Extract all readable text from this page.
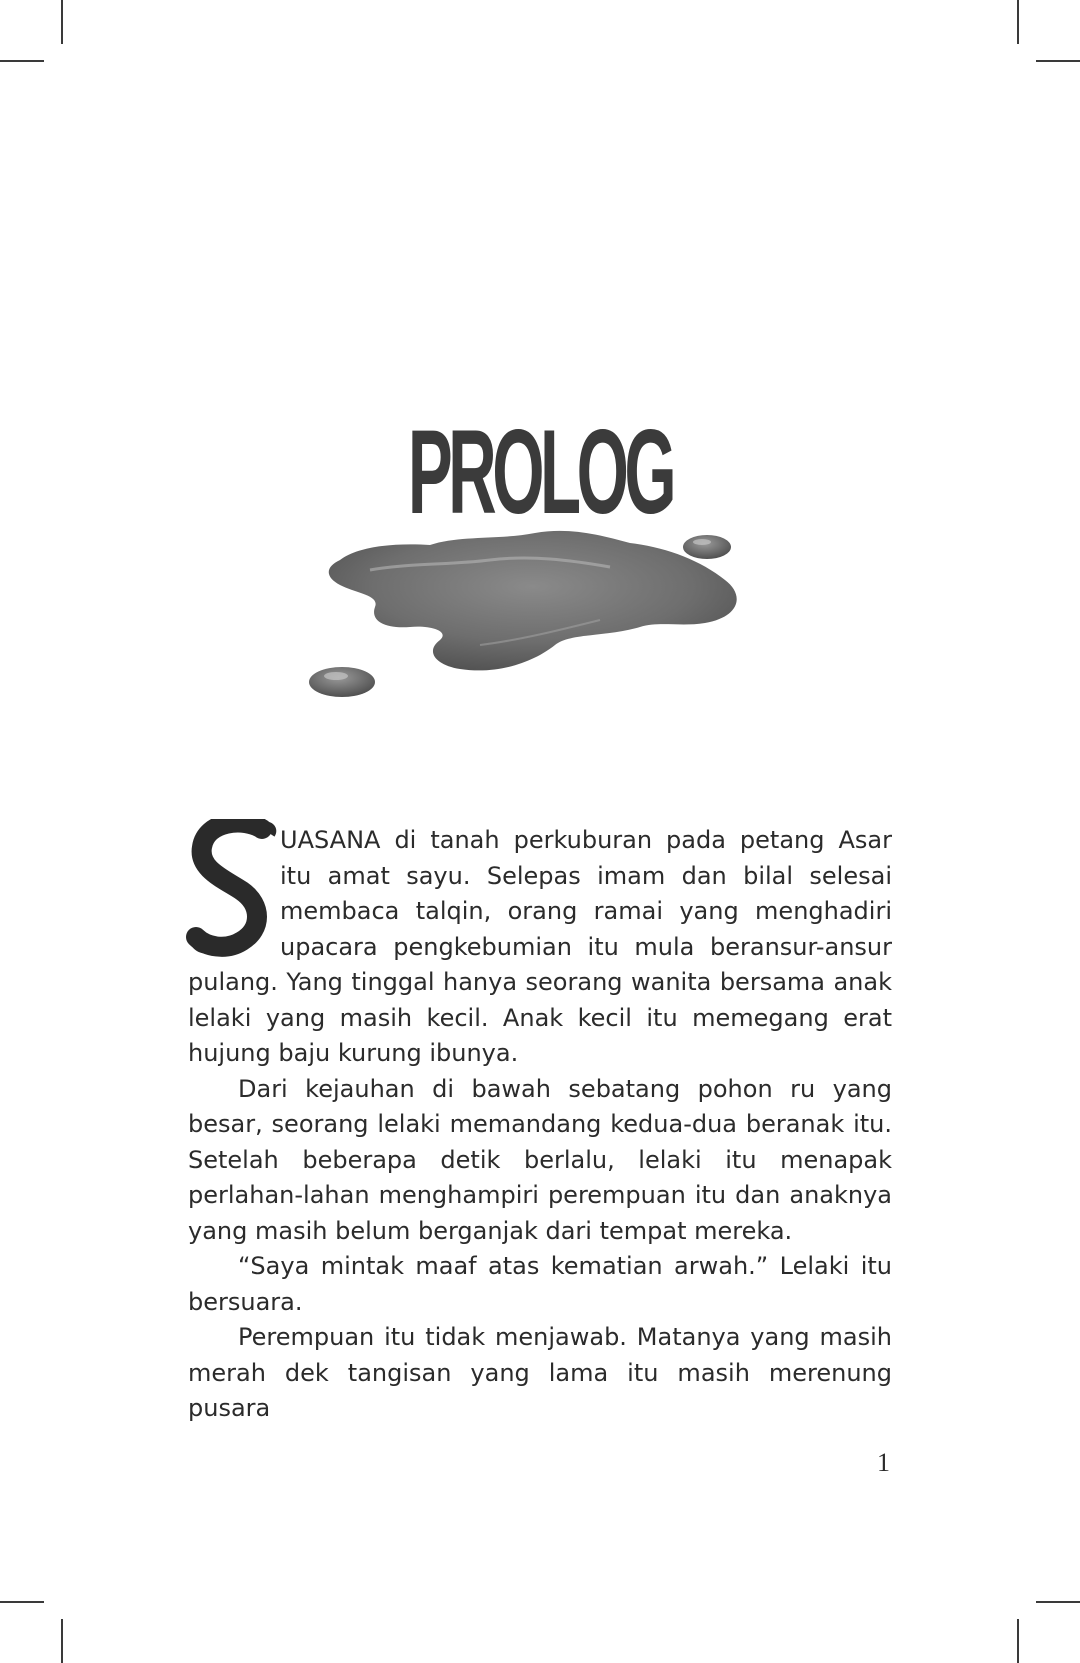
PROLOG

UASANA di tanah perkuburan pada petang Asar itu amat sayu. Selepas imam dan bilal selesai membaca talqin, orang ramai yang menghadiri upacara pengkebumian itu mula beransur-ansur pulang. Yang tinggal hanya seorang wanita bersama anak lelaki yang masih kecil. Anak kecil itu memegang erat hujung baju kurung ibunya.

Dari kejauhan di bawah sebatang pohon ru yang besar, seorang lelaki memandang kedua-dua beranak itu. Setelah beberapa detik berlalu, lelaki itu menapak perlahan-lahan menghampiri perempuan itu dan anaknya yang masih belum berganjak dari tempat mereka.

“Saya mintak maaf atas kematian arwah.” Lelaki itu bersuara.

Perempuan itu tidak menjawab. Matanya yang masih merah dek tangisan yang lama itu masih merenung pusara

1
